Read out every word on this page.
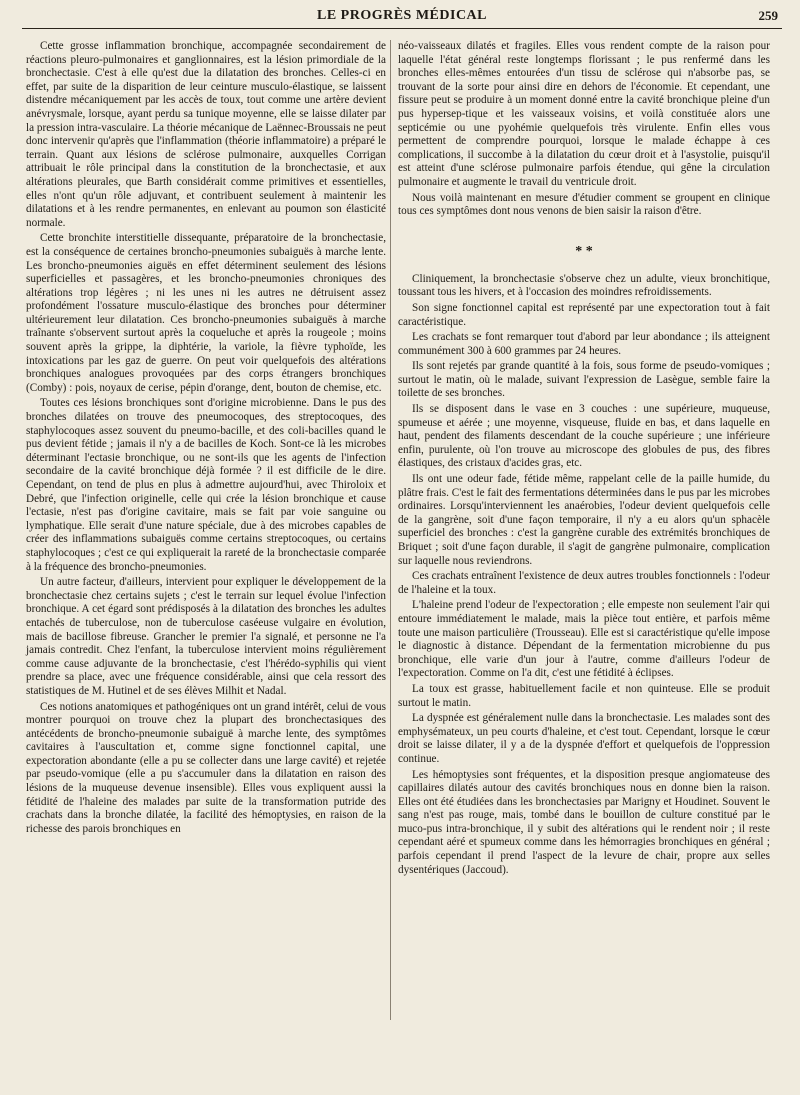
LE PROGRÈS MÉDICAL	259

Cette grosse inflammation bronchique, accompagnée secondairement de réactions pleuro-pulmonaires et ganglionnaires, est la lésion primordiale de la bronchectasie. C'est à elle qu'est due la dilatation des bronches. Celles-ci en effet, par suite de la disparition de leur ceinture musculo-élastique, se laissent distendre mécaniquement par les accès de toux, tout comme une artère devient anévrysmale, lorsque, ayant perdu sa tunique moyenne, elle se laisse dilater par la pression intra-vasculaire. La théorie mécanique de Laënnec-Broussais ne peut donc intervenir qu'après que l'inflammation (théorie inflammatoire) a préparé le terrain. Quant aux lésions de sclérose pulmonaire, auxquelles Corrigan attribuait le rôle principal dans la constitution de la bronchectasie, et aux altérations pleurales, que Barth considérait comme primitives et essentielles, elles n'ont qu'un rôle adjuvant, et contribuent seulement à maintenir les dilatations et à les rendre permanentes, en enlevant au poumon son élasticité normale.

Cette bronchite interstitielle dissequante, préparatoire de la bronchectasie, est la conséquence de certaines broncho-pneumonies subaiguës à marche lente. Les broncho-pneumonies aiguës en effet déterminent seulement des lésions superficielles et passagères, et les broncho-pneumonies chroniques des altérations trop légères ; ni les unes ni les autres ne détruisent assez profondément l'ossature musculo-élastique des bronches pour déterminer ultérieurement leur dilatation. Ces broncho-pneumonies subaiguës à marche traînante s'observent surtout après la coqueluche et après la rougeole ; moins souvent après la grippe, la diphtérie, la variole, la fièvre typhoïde, les intoxications par les gaz de guerre. On peut voir quelquefois des altérations bronchiques analogues provoquées par des corps étrangers bronchiques (Comby) : pois, noyaux de cerise, pépin d'orange, dent, bouton de chemise, etc.

Toutes ces lésions bronchiques sont d'origine microbienne. Dans le pus des bronches dilatées on trouve des pneumocoques, des streptocoques, des staphylocoques assez souvent du pneumo-bacille, et des coli-bacilles quand le pus devient fétide ; jamais il n'y a de bacilles de Koch. Sont-ce là les microbes déterminant l'ectasie bronchique, ou ne sont-ils que les agents de l'infection secondaire de la cavité bronchique déjà formée ? il est difficile de le dire. Cependant, on tend de plus en plus à admettre aujourd'hui, avec Thiroloix et Debré, que l'infection originelle, celle qui crée la lésion bronchique et cause l'ectasie, n'est pas d'origine cavitaire, mais se fait par voie sanguine ou lymphatique. Elle serait d'une nature spéciale, due à des microbes capables de créer des inflammations subaiguës comme certains streptocoques, ou certains staphylocoques ; c'est ce qui expliquerait la rareté de la bronchectasie comparée à la fréquence des broncho-pneumonies.

Un autre facteur, d'ailleurs, intervient pour expliquer le développement de la bronchectasie chez certains sujets ; c'est le terrain sur lequel évolue l'infection bronchique. A cet égard sont prédisposés à la dilatation des bronches les adultes entachés de tuberculose, non de tuberculose caséeuse vulgaire en évolution, mais de bacillose fibreuse. Grancher le premier l'a signalé, et personne ne l'a jamais contredit. Chez l'enfant, la tuberculose intervient moins régulièrement comme cause adjuvante de la bronchectasie, c'est l'hérédo-syphilis qui vient prendre sa place, avec une fréquence considérable, ainsi que cela ressort des statistiques de M. Hutinel et de ses élèves Milhit et Nadal.

Ces notions anatomiques et pathogéniques ont un grand intérêt, celui de vous montrer pourquoi on trouve chez la plupart des bronchectasiques des antécédents de broncho-pneumonie subaiguë à marche lente, des symptômes cavitaires à l'auscultation et, comme signe fonctionnel capital, une expectoration abondante (elle a pu se collecter dans une large cavité) et rejetée par pseudo-vomique (elle a pu s'accumuler dans la dilatation en raison des lésions de la muqueuse devenue insensible). Elles vous expliquent aussi la fétidité de l'haleine des malades par suite de la transformation putride des crachats dans la bronche dilatée, la facilité des hémoptysies, en raison de la richesse des parois bronchiques en

néo-vaisseaux dilatés et fragiles. Elles vous rendent compte de la raison pour laquelle l'état général reste longtemps florissant ; le pus renfermé dans les bronches elles-mêmes entourées d'un tissu de sclérose qui n'absorbe pas, se trouvant de la sorte pour ainsi dire en dehors de l'économie. Et cependant, une fissure peut se produire à un moment donné entre la cavité bronchique pleine d'un pus hypersep-tique et les vaisseaux voisins, et voilà constituée alors une septicémie ou une pyohémie quelquefois très virulente. Enfin elles vous permettent de comprendre pourquoi, lorsque le malade échappe à ces complications, il succombe à la dilatation du cœur droit et à l'asystolie, puisqu'il est atteint d'une sclérose pulmonaire parfois étendue, qui gêne la circulation pulmonaire et augmente le travail du ventricule droit.

Nous voilà maintenant en mesure d'étudier comment se groupent en clinique tous ces symptômes dont nous venons de bien saisir la raison d'être.

* *

Cliniquement, la bronchectasie s'observe chez un adulte, vieux bronchitique, toussant tous les hivers, et à l'occasion des moindres refroidissements.

Son signe fonctionnel capital est représenté par une expectoration tout à fait caractéristique.

Les crachats se font remarquer tout d'abord par leur abondance ; ils atteignent communément 300 à 600 grammes par 24 heures.

Ils sont rejetés par grande quantité à la fois, sous forme de pseudo-vomiques ; surtout le matin, où le malade, suivant l'expression de Lasègue, semble faire la toilette de ses bronches.

Ils se disposent dans le vase en 3 couches : une supérieure, muqueuse, spumeuse et aérée ; une moyenne, visqueuse, fluide en bas, et dans laquelle en haut, pendent des filaments descendant de la couche supérieure ; une inférieure enfin, purulente, où l'on trouve au microscope des globules de pus, des fibres élastiques, des cristaux d'acides gras, etc.

Ils ont une odeur fade, fétide même, rappelant celle de la paille humide, du plâtre frais. C'est le fait des fermentations déterminées dans le pus par les microbes ordinaires. Lorsqu'interviennent les anaérobies, l'odeur devient quelquefois celle de la gangrène, soit d'une façon temporaire, il n'y a eu alors qu'un sphacèle superficiel des bronches : c'est la gangrène curable des extrémités bronchiques de Briquet ; soit d'une façon durable, il s'agit de gangrène pulmonaire, complication sur laquelle nous reviendrons.

Ces crachats entraînent l'existence de deux autres troubles fonctionnels : l'odeur de l'haleine et la toux.

L'haleine prend l'odeur de l'expectoration ; elle empeste non seulement l'air qui entoure immédiatement le malade, mais la pièce tout entière, et parfois même toute une maison particulière (Trousseau). Elle est si caractéristique qu'elle impose le diagnostic à distance. Dépendant de la fermentation microbienne du pus bronchique, elle varie d'un jour à l'autre, comme d'ailleurs l'odeur de l'expectoration. Comme on l'a dit, c'est une fétidité à éclipses.

La toux est grasse, habituellement facile et non quinteuse. Elle se produit surtout le matin.

La dyspnée est généralement nulle dans la bronchectasie. Les malades sont des emphysémateux, un peu courts d'haleine, et c'est tout. Cependant, lorsque le cœur droit se laisse dilater, il y a de la dyspnée d'effort et quelquefois de l'oppression continue.

Les hémoptysies sont fréquentes, et la disposition presque angiomateuse des capillaires dilatés autour des cavités bronchiques nous en donne bien la raison. Elles ont été étudiées dans les bronchectasies par Marigny et Houdinet. Souvent le sang n'est pas rouge, mais, tombé dans le bouillon de culture constitué par le muco-pus intra-bronchique, il y subit des altérations qui le rendent noir ; il reste cependant aéré et spumeux comme dans les hémorragies bronchiques en général ; parfois cependant il prend l'aspect de la levure de chair, propre aux selles dysentériques (Jaccoud).
